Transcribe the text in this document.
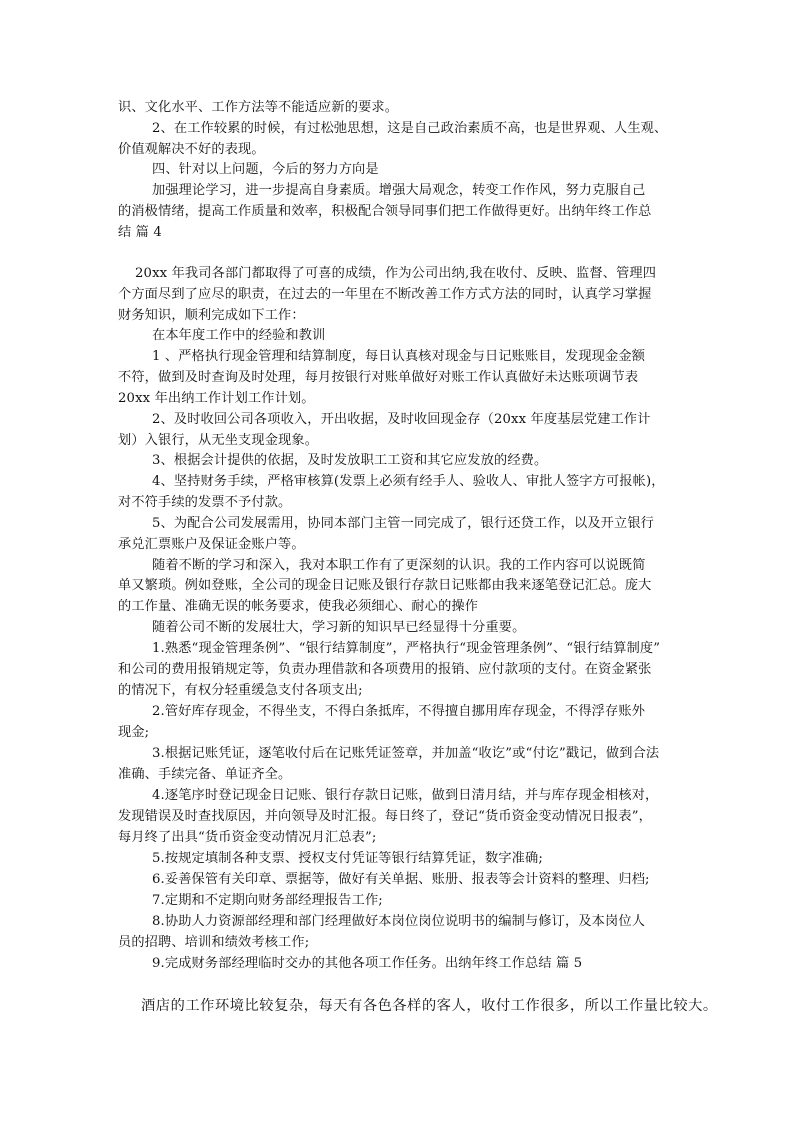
识、文化水平、工作方法等不能适应新的要求。
2、在工作较累的时候，有过松弛思想，这是自己政治素质不高，也是世界观、人生观、
价值观解决不好的表现。
四、针对以上问题，今后的努力方向是
加强理论学习，进一步提高自身素质。增强大局观念，转变工作作风，努力克服自己
的消极情绪，提高工作质量和效率，积极配合领导同事们把工作做得更好。出纳年终工作总
结 篇 4
20xx 年我司各部门都取得了可喜的成绩，作为公司出纳,我在收付、反映、监督、管理四
个方面尽到了应尽的职责，在过去的一年里在不断改善工作方式方法的同时，认真学习掌握
财务知识，顺利完成如下工作：
在本年度工作中的经验和教训
1 、严格执行现金管理和结算制度，每日认真核对现金与日记账账目，发现现金金额
不符，做到及时查询及时处理，每月按银行对账单做好对账工作认真做好未达账项调节表
20xx 年出纳工作计划工作计划。
2、及时收回公司各项收入，开出收据，及时收回现金存（20xx 年度基层党建工作计
划）入银行，从无坐支现金现象。
3、根据会计提供的依据，及时发放职工工资和其它应发放的经费。
4、坚持财务手续，严格审核算(发票上必须有经手人、验收人、审批人签字方可报帐)，
对不符手续的发票不予付款。
5、为配合公司发展需用，协同本部门主管一同完成了，银行还贷工作，以及开立银行
承兑汇票账户及保证金账户等。
随着不断的学习和深入，我对本职工作有了更深刻的认识。我的工作内容可以说既简
单又繁琐。例如登账，全公司的现金日记账及银行存款日记账都由我来逐笔登记汇总。庞大
的工作量、准确无误的帐务要求，使我必须细心、耐心的操作
随着公司不断的发展壮大，学习新的知识早已经显得十分重要。
1.熟悉“现金管理条例”、“银行结算制度”，严格执行“现金管理条例”、“银行结算制度”
和公司的费用报销规定等，负责办理借款和各项费用的报销、应付款项的支付。在资金紧张
的情况下，有权分轻重缓急支付各项支出;
2.管好库存现金，不得坐支，不得白条抵库，不得擅自挪用库存现金，不得浮存账外
现金;
3.根据记账凭证，逐笔收付后在记账凭证签章，并加盖“收讫”或“付讫”戳记，做到合法
准确、手续完备、单证齐全。
4.逐笔序时登记现金日记账、银行存款日记账，做到日清月结，并与库存现金相核对，
发现错误及时查找原因，并向领导及时汇报。每日终了，登记“货币资金变动情况日报表”，
每月终了出具“货币资金变动情况月汇总表”;
5.按规定填制各种支票、授权支付凭证等银行结算凭证，数字准确;
6.妥善保管有关印章、票据等，做好有关单据、账册、报表等会计资料的整理、归档;
7.定期和不定期向财务部经理报告工作;
8.协助人力资源部经理和部门经理做好本岗位岗位说明书的编制与修订，及本岗位人
员的招聘、培训和绩效考核工作;
9.完成财务部经理临时交办的其他各项工作任务。出纳年终工作总结 篇 5
酒店的工作环境比较复杂，每天有各色各样的客人，收付工作很多，所以工作量比较大。
